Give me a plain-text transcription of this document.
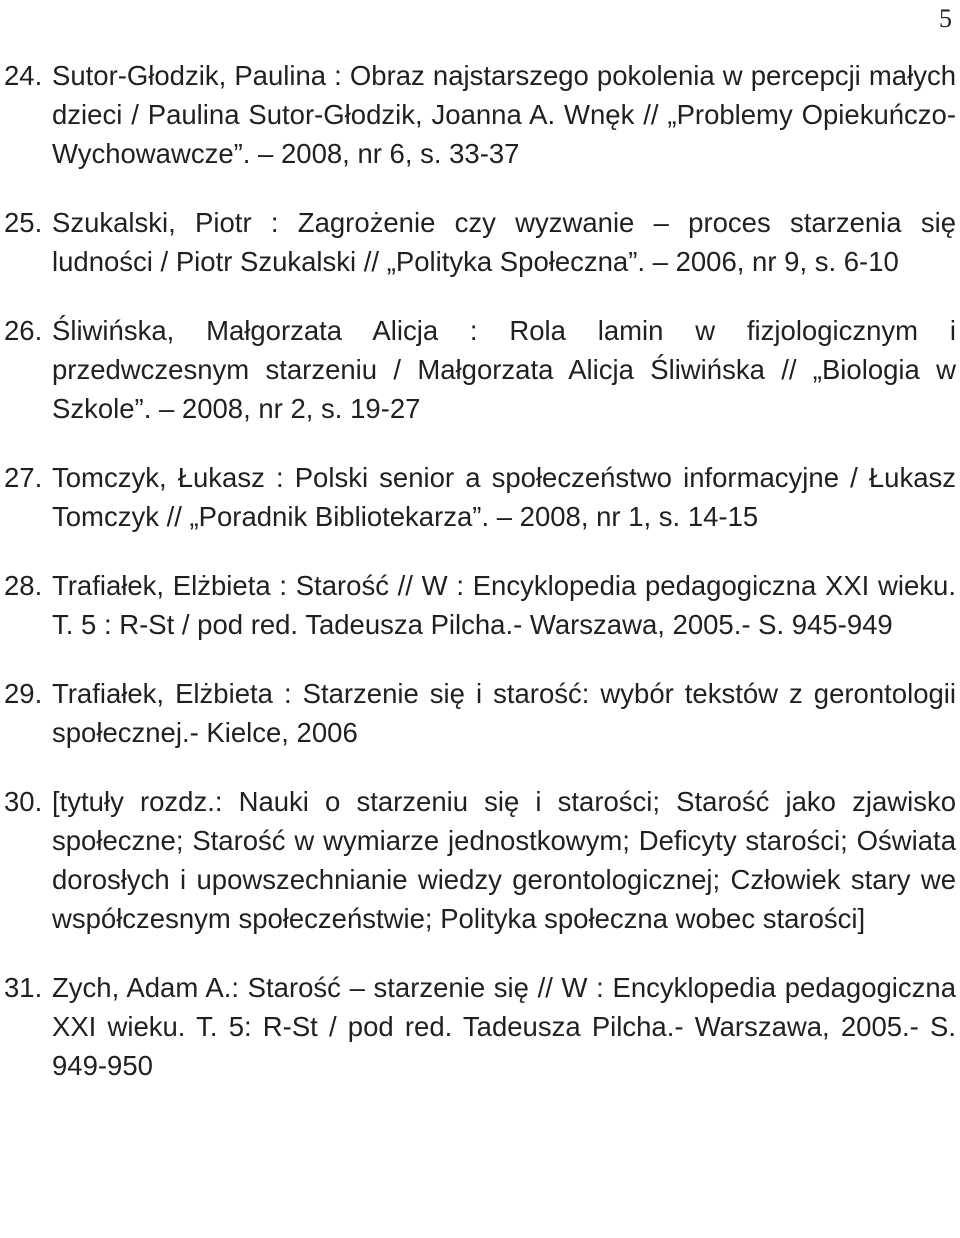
5
24. Sutor-Głodzik, Paulina : Obraz najstarszego pokolenia w percepcji małych dzieci / Paulina Sutor-Głodzik, Joanna A. Wnęk // „Problemy Opiekuńczo-Wychowawcze”. – 2008, nr 6, s. 33-37
25. Szukalski, Piotr : Zagrożenie czy wyzwanie – proces starzenia się ludności / Piotr Szukalski // „Polityka Społeczna”. – 2006, nr 9, s. 6-10
26. Śliwińska, Małgorzata Alicja : Rola lamin w fizjologicznym i przedwczesnym starzeniu / Małgorzata Alicja Śliwińska // „Biologia w Szkole”. – 2008, nr 2, s. 19-27
27. Tomczyk, Łukasz : Polski senior a społeczeństwo informacyjne / Łukasz Tomczyk // „Poradnik Bibliotekarza”. – 2008, nr 1, s. 14-15
28. Trafiałek, Elżbieta : Starość // W : Encyklopedia pedagogiczna XXI wieku. T. 5 : R-St / pod red. Tadeusza Pilcha.- Warszawa, 2005.- S. 945-949
29. Trafiałek, Elżbieta : Starzenie się i starość: wybór tekstów z gerontologii społecznej.- Kielce, 2006
30. [tytuły rozdz.: Nauki o starzeniu się i starości; Starość jako zjawisko społeczne; Starość w wymiarze jednostkowym; Deficyty starości; Oświata dorosłych i upowszechnianie wiedzy gerontologicznej; Człowiek stary we współczesnym społeczeństwie; Polityka społeczna wobec starości]
31. Zych, Adam A.: Starość – starzenie się // W : Encyklopedia pedagogiczna XXI wieku. T. 5: R-St / pod red. Tadeusza Pilcha.- Warszawa, 2005.- S. 949-950
